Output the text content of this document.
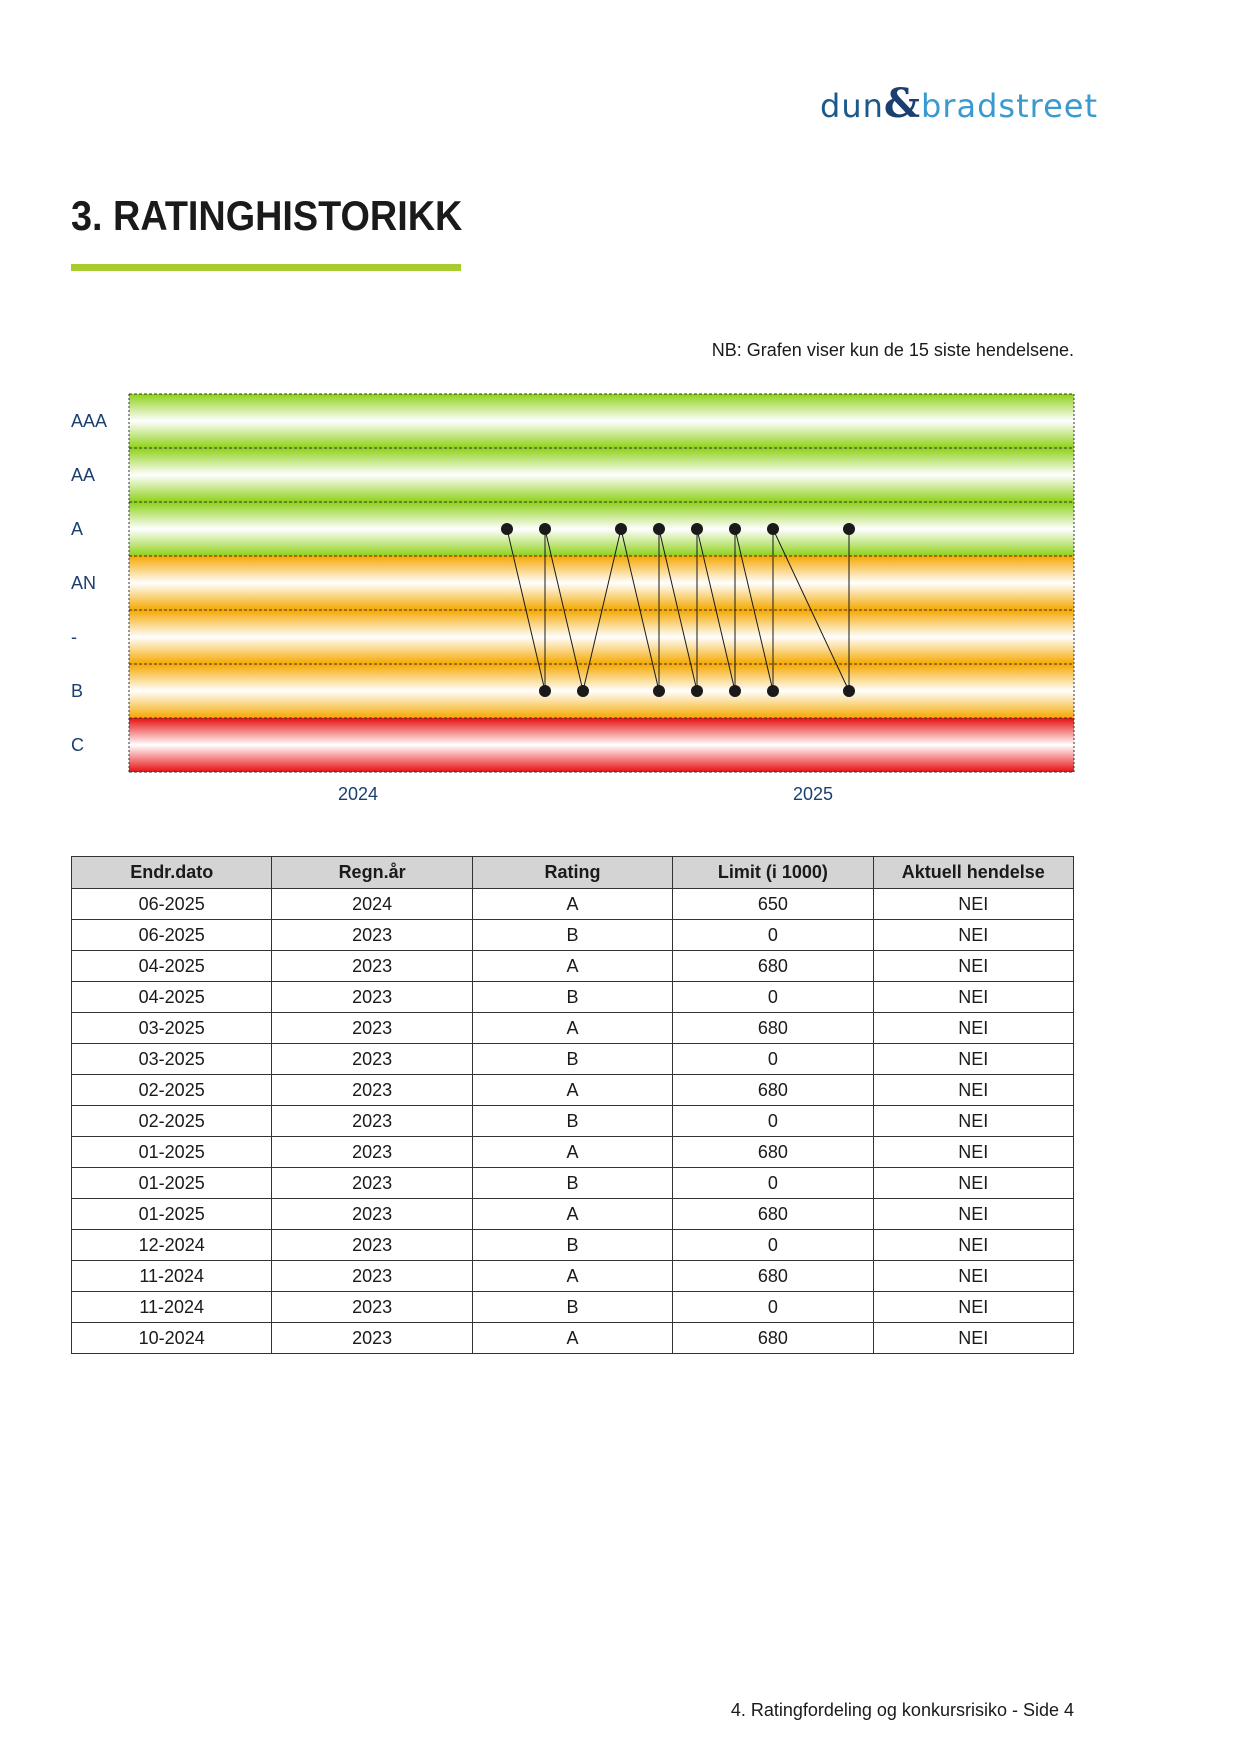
dun&bradstreet
3. RATINGHISTORIKK
NB: Grafen viser kun de 15 siste hendelsene.
AAA
AA
A
AN
-
B
C
2024	2025
Endr.dato	Regn.år	Rating	Limit (i 1000)	Aktuell hendelse
06-2025	2024	A	650	NEI
06-2025	2023	B	0	NEI
04-2025	2023	A	680	NEI
04-2025	2023	B	0	NEI
03-2025	2023	A	680	NEI
03-2025	2023	B	0	NEI
02-2025	2023	A	680	NEI
02-2025	2023	B	0	NEI
01-2025	2023	A	680	NEI
01-2025	2023	B	0	NEI
01-2025	2023	A	680	NEI
12-2024	2023	B	0	NEI
11-2024	2023	A	680	NEI
11-2024	2023	B	0	NEI
10-2024	2023	A	680	NEI
4. Ratingfordeling og konkursrisiko - Side 4
